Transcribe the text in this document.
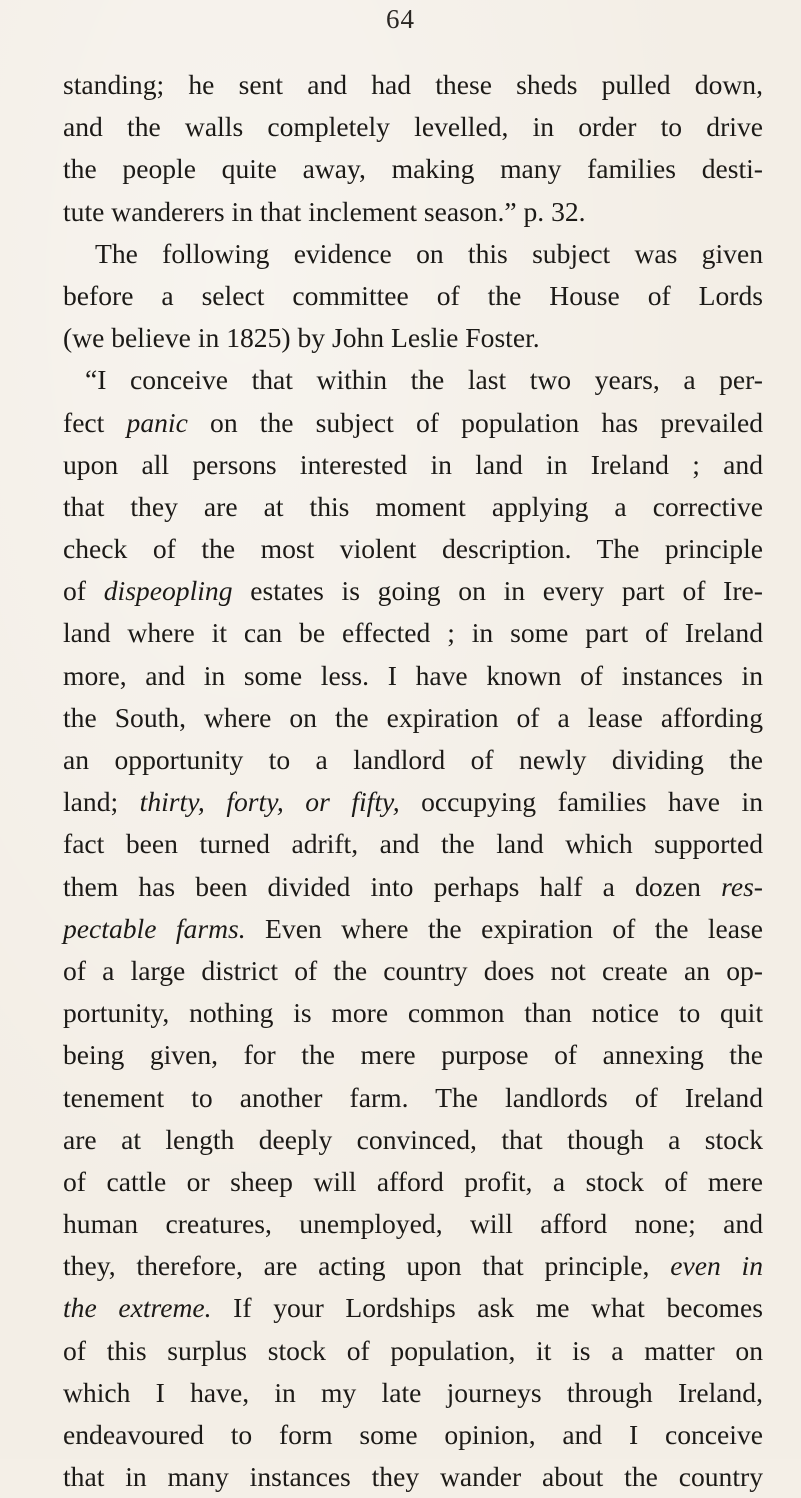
64
standing; he sent and had these sheds pulled down,
and the walls completely levelled, in order to drive
the people quite away, making many families desti-
tute wanderers in that inclement season.” p. 32.
The following evidence on this subject was given
before a select committee of the House of Lords
(we believe in 1825) by John Leslie Foster.
“I conceive that within the last two years, a per-
fect panic on the subject of population has prevailed
upon all persons interested in land in Ireland ; and
that they are at this moment applying a corrective
check of the most violent description. The principle
of dispeopling estates is going on in every part of Ire-
land where it can be effected ; in some part of Ireland
more, and in some less. I have known of instances in
the South, where on the expiration of a lease affording
an opportunity to a landlord of newly dividing the
land; thirty, forty, or fifty, occupying families have in
fact been turned adrift, and the land which supported
them has been divided into perhaps half a dozen res-
pectable farms. Even where the expiration of the lease
of a large district of the country does not create an op-
portunity, nothing is more common than notice to quit
being given, for the mere purpose of annexing the
tenement to another farm. The landlords of Ireland
are at length deeply convinced, that though a stock
of cattle or sheep will afford profit, a stock of mere
human creatures, unemployed, will afford none; and
they, therefore, are acting upon that principle, even in
the extreme. If your Lordships ask me what becomes
of this surplus stock of population, it is a matter on
which I have, in my late journeys through Ireland,
endeavoured to form some opinion, and I conceive
that in many instances they wander about the country
